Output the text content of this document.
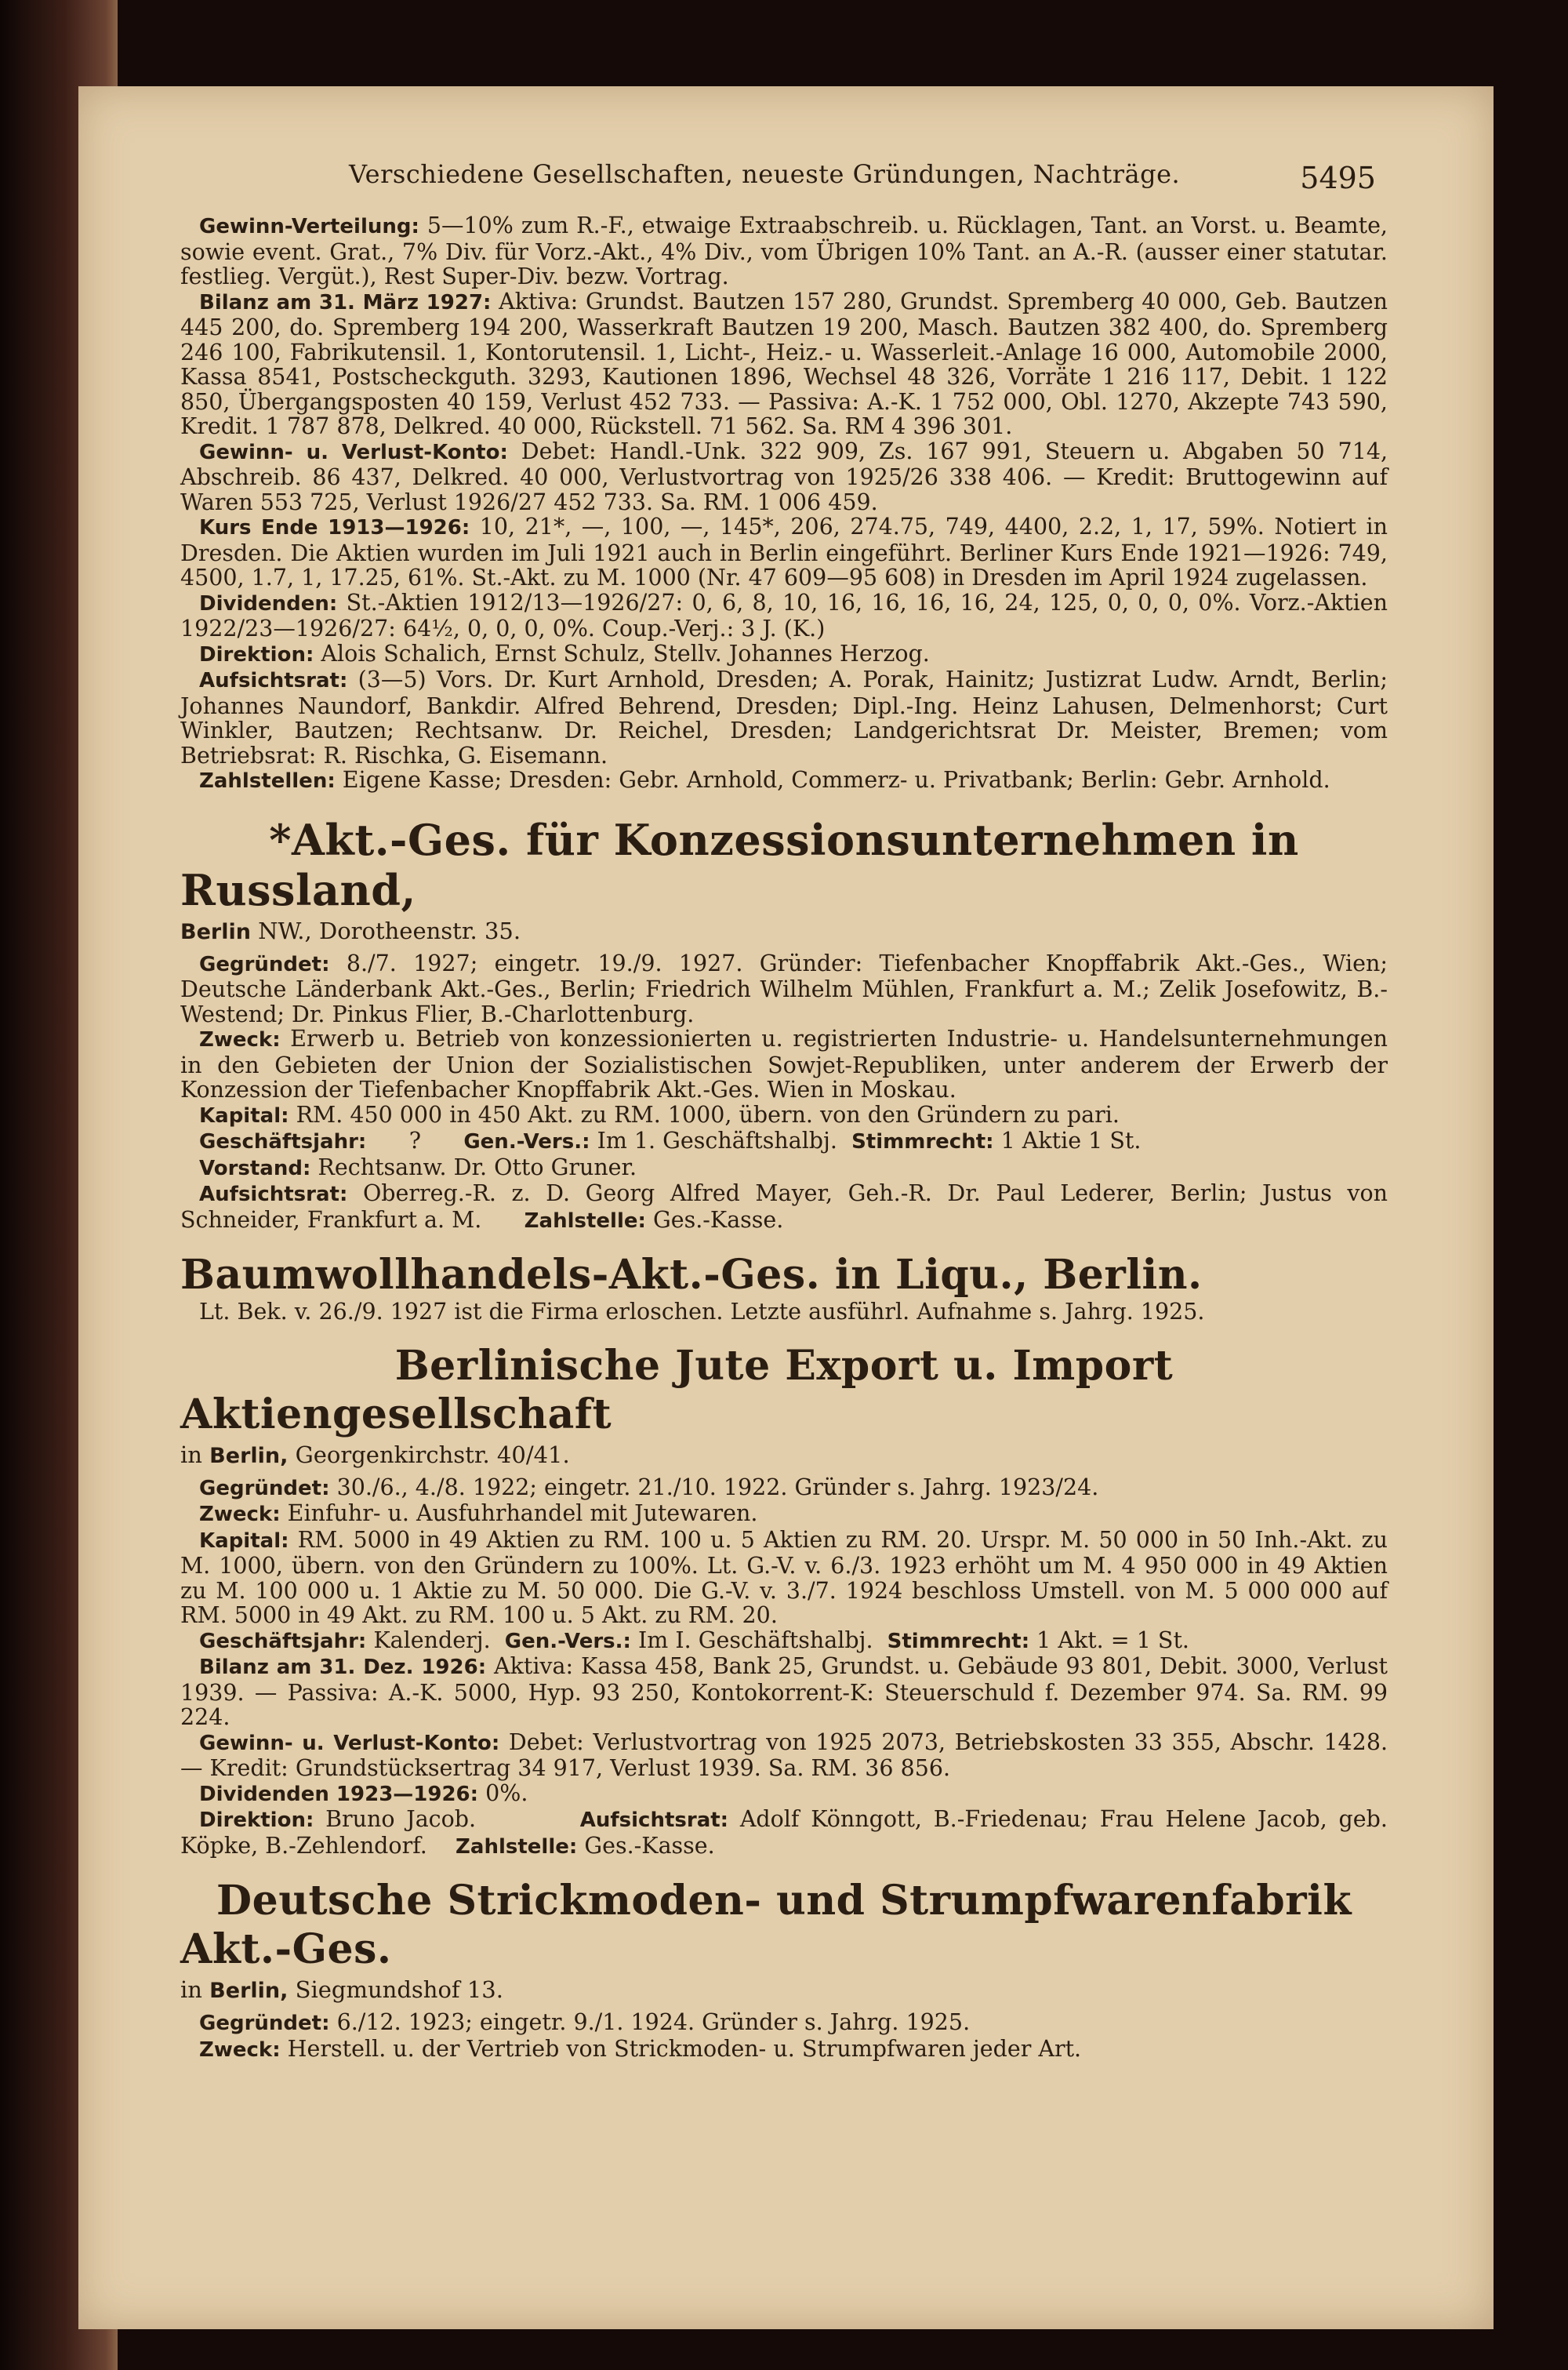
Verschiedene Gesellschaften, neueste Gründungen, Nachträge.	5495

Gewinn-Verteilung: 5—10% zum R.-F., etwaige Extraabschreib. u. Rücklagen, Tant. an Vorst. u. Beamte, sowie event. Grat., 7% Div. für Vorz.-Akt., 4% Div., vom Übrigen 10% Tant. an A.-R. (ausser einer statutar. festlieg. Vergüt.), Rest Super-Div. bezw. Vortrag.

Bilanz am 31. März 1927: Aktiva: Grundst. Bautzen 157 280, Grundst. Spremberg 40 000, Geb. Bautzen 445 200, do. Spremberg 194 200, Wasserkraft Bautzen 19 200, Masch. Bautzen 382 400, do. Spremberg 246 100, Fabrikutensil. 1, Kontorutensil. 1, Licht-, Heiz.- u. Wasserleit.-Anlage 16 000, Automobile 2000, Kassa 8541, Postscheckguth. 3293, Kautionen 1896, Wechsel 48 326, Vorräte 1 216 117, Debit. 1 122 850, Übergangsposten 40 159, Verlust 452 733. — Passiva: A.-K. 1 752 000, Obl. 1270, Akzepte 743 590, Kredit. 1 787 878, Delkred. 40 000, Rückstell. 71 562. Sa. RM 4 396 301.

Gewinn- u. Verlust-Konto: Debet: Handl.-Unk. 322 909, Zs. 167 991, Steuern u. Abgaben 50 714, Abschreib. 86 437, Delkred. 40 000, Verlustvortrag von 1925/26 338 406. — Kredit: Bruttogewinn auf Waren 553 725, Verlust 1926/27 452 733. Sa. RM. 1 006 459.

Kurs Ende 1913—1926: 10, 21*, —, 100, —, 145*, 206, 274.75, 749, 4400, 2.2, 1, 17, 59%. Notiert in Dresden. Die Aktien wurden im Juli 1921 auch in Berlin eingeführt. Berliner Kurs Ende 1921—1926: 749, 4500, 1.7, 1, 17.25, 61%. St.-Akt. zu M. 1000 (Nr. 47 609—95 608) in Dresden im April 1924 zugelassen.

Dividenden: St.-Aktien 1912/13—1926/27: 0, 6, 8, 10, 16, 16, 16, 16, 24, 125, 0, 0, 0, 0%. Vorz.-Aktien 1922/23—1926/27: 64½, 0, 0, 0, 0%. Coup.-Verj.: 3 J. (K.)

Direktion: Alois Schalich, Ernst Schulz, Stellv. Johannes Herzog.

Aufsichtsrat: (3—5) Vors. Dr. Kurt Arnhold, Dresden; A. Porak, Hainitz; Justizrat Ludw. Arndt, Berlin; Johannes Naundorf, Bankdir. Alfred Behrend, Dresden; Dipl.-Ing. Heinz Lahusen, Delmenhorst; Curt Winkler, Bautzen; Rechtsanw. Dr. Reichel, Dresden; Landgerichtsrat Dr. Meister, Bremen; vom Betriebsrat: R. Rischka, G. Eisemann.

Zahlstellen: Eigene Kasse; Dresden: Gebr. Arnhold, Commerz- u. Privatbank; Berlin: Gebr. Arnhold.

*Akt.-Ges. für Konzessionsunternehmen in Russland,

Berlin NW., Dorotheenstr. 35.

Gegründet: 8./7. 1927; eingetr. 19./9. 1927. Gründer: Tiefenbacher Knopffabrik Akt.-Ges., Wien; Deutsche Länderbank Akt.-Ges., Berlin; Friedrich Wilhelm Mühlen, Frankfurt a. M.; Zelik Josefowitz, B.-Westend; Dr. Pinkus Flier, B.-Charlottenburg.

Zweck: Erwerb u. Betrieb von konzessionierten u. registrierten Industrie- u. Handelsunternehmungen in den Gebieten der Union der Sozialistischen Sowjet-Republiken, unter anderem der Erwerb der Konzession der Tiefenbacher Knopffabrik Akt.-Ges. Wien in Moskau.

Kapital: RM. 450 000 in 450 Akt. zu RM. 1000, übern. von den Gründern zu pari.

Geschäftsjahr: ? Gen.-Vers.: Im 1. Geschäftshalbj. Stimmrecht: 1 Aktie 1 St.

Vorstand: Rechtsanw. Dr. Otto Gruner.

Aufsichtsrat: Oberreg.-R. z. D. Georg Alfred Mayer, Geh.-R. Dr. Paul Lederer, Berlin; Justus von Schneider, Frankfurt a. M. Zahlstelle: Ges.-Kasse.

Baumwollhandels-Akt.-Ges. in Liqu., Berlin.

Lt. Bek. v. 26./9. 1927 ist die Firma erloschen. Letzte ausführl. Aufnahme s. Jahrg. 1925.

Berlinische Jute Export u. Import Aktiengesellschaft

in Berlin, Georgenkirchstr. 40/41.

Gegründet: 30./6., 4./8. 1922; eingetr. 21./10. 1922. Gründer s. Jahrg. 1923/24.

Zweck: Einfuhr- u. Ausfuhrhandel mit Jutewaren.

Kapital: RM. 5000 in 49 Aktien zu RM. 100 u. 5 Aktien zu RM. 20. Urspr. M. 50 000 in 50 Inh.-Akt. zu M. 1000, übern. von den Gründern zu 100%. Lt. G.-V. v. 6./3. 1923 erhöht um M. 4 950 000 in 49 Aktien zu M. 100 000 u. 1 Aktie zu M. 50 000. Die G.-V. v. 3./7. 1924 beschloss Umstell. von M. 5 000 000 auf RM. 5000 in 49 Akt. zu RM. 100 u. 5 Akt. zu RM. 20.

Geschäftsjahr: Kalenderj. Gen.-Vers.: Im I. Geschäftshalbj. Stimmrecht: 1 Akt. = 1 St.

Bilanz am 31. Dez. 1926: Aktiva: Kassa 458, Bank 25, Grundst. u. Gebäude 93 801, Debit. 3000, Verlust 1939. — Passiva: A.-K. 5000, Hyp. 93 250, Kontokorrent-K: Steuerschuld f. Dezember 974. Sa. RM. 99 224.

Gewinn- u. Verlust-Konto: Debet: Verlustvortrag von 1925 2073, Betriebskosten 33 355, Abschr. 1428. — Kredit: Grundstücksertrag 34 917, Verlust 1939. Sa. RM. 36 856.

Dividenden 1923—1926: 0%.

Direktion: Bruno Jacob.	Aufsichtsrat: Adolf Könngott, B.-Friedenau; Frau Helene Jacob, geb. Köpke, B.-Zehlendorf. Zahlstelle: Ges.-Kasse.

Deutsche Strickmoden- und Strumpfwarenfabrik Akt.-Ges.

in Berlin, Siegmundshof 13.

Gegründet: 6./12. 1923; eingetr. 9./1. 1924. Gründer s. Jahrg. 1925.

Zweck: Herstell. u. der Vertrieb von Strickmoden- u. Strumpfwaren jeder Art.
